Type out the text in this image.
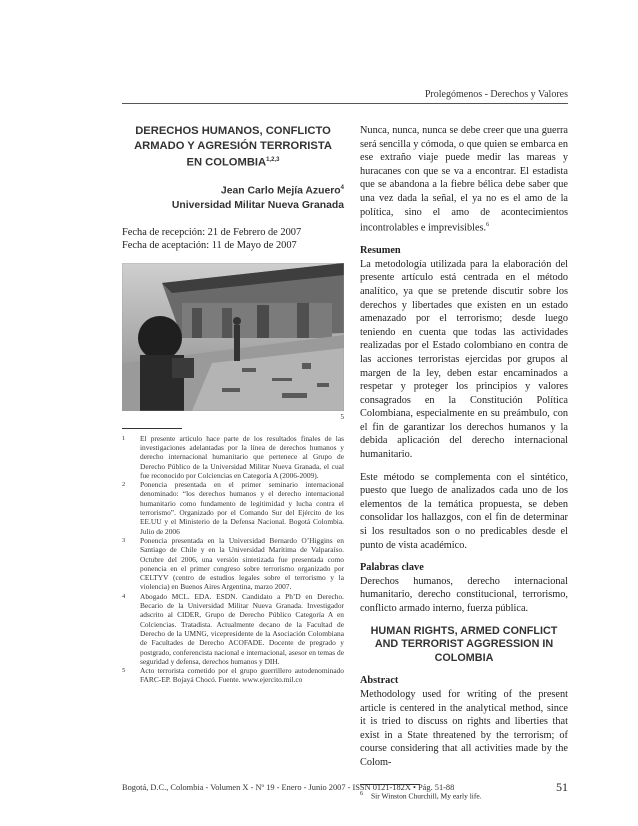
Prolegómenos - Derechos y Valores
DERECHOS HUMANOS, CONFLICTO ARMADO Y AGRESIÓN TERRORISTA EN COLOMBIA$^{1,2,3}$
Jean Carlo Mejía Azuero$^4$
Universidad Militar Nueva Granada
Fecha de recepción: 21 de Febrero de 2007
Fecha de aceptación: 11 de Mayo de 2007
5
1 El presente artículo hace parte de los resultados finales de las investigaciones adelantadas por la línea de derechos humanos y derecho internacional humanitario que pertenece al Grupo de Derecho Público de la Universidad Militar Nueva Granada, el cual fue reconocido por Colciencias en Categoría A (2006-2009).
2 Ponencia presentada en el primer seminario internacional denominado: “los derechos humanos y el derecho internacional humanitario como fundamento de legitimidad y lucha contra el terrorismo”. Organizado por el Comando Sur del Ejército de los EE.UU y el Ministerio de la Defensa Nacional. Bogotá Colombia. Julio de 2006
3 Ponencia presentada en la Universidad Bernardo O’Higgins en Santiago de Chile y en la Universidad Marítima de Valparaíso. Octubre del 2006, una versión sintetizada fue presentada como ponencia en el primer congreso sobre terrorismo organizado por CELTYV (centro de estudios legales sobre el terrorismo y la violencia) en Buenos Aires Argentina, marzo 2007.
4 Abogado MCL. EDA. ESDN. Candidato a Ph’D en Derecho. Becario de la Universidad Militar Nueva Granada. Investigador adscrito al CIDER, Grupo de Derecho Público Categoría A en Colciencias. Tratadista. Actualmente decano de la Facultad de Derecho de la UMNG, vicepresidente de la Asociación Colombiana de Facultades de Derecho ACOFADE. Docente de pregrado y postgrado, conferencista nacional e internacional, asesor en temas de seguridad y defensa, derechos humanos y DIH.
5 Acto terrorista cometido por el grupo guerrillero autodenominado FARC-EP. Bojayá Chocó. Fuente. www.ejercito.mil.co

Nunca, nunca, nunca se debe creer que una guerra será sencilla y cómoda, o que quien se embarca en ese extraño viaje puede medir las mareas y huracanes con que se va a encontrar. El estadista que se abandona a la fiebre bélica debe saber que una vez dada la señal, el ya no es el amo de la política, sino el amo de acontecimientos incontrolables e imprevisibles.$^6$

Resumen

La metodología utilizada para la elaboración del presente artículo está centrada en el método analítico, ya que se pretende discutir sobre los derechos y libertades que existen en un estado amenazado por el terrorismo; desde luego teniendo en cuenta que todas las actividades realizadas por el Estado colombiano en contra de las acciones terroristas ejercidas por grupos al margen de la ley, deben estar encaminados a respetar y proteger los principios y valores consagrados en la Constitución Política Colombiana, especialmente en su preámbulo, con el fin de garantizar los derechos humanos y la debida aplicación del derecho internacional humanitario.

Este método se complementa con el sintético, puesto que luego de analizados cada uno de los elementos de la temática propuesta, se deben consolidar los hallazgos, con el fin de determinar si los resultados son o no predicables desde el punto de vista académico.

Palabras clave

Derechos humanos, derecho internacional humanitario, derecho constitucional, terrorismo, conflicto armado interno, fuerza pública.

HUMAN RIGHTS, ARMED CONFLICT AND TERRORIST AGGRESSION IN COLOMBIA

Abstract

Methodology used for writing of the present article is centered in the analytical method, since it is tried to discuss on rights and liberties that exist in a State threatened by the terrorism; of course considering that all activities made by the Colom-

$^6$ Sir Winston Churchill, My early life.
Bogotá, D.C., Colombia - Volumen X - Nº 19 - Enero - Junio 2007 - ISSN 0121-182X • Pág. 51-88	51
